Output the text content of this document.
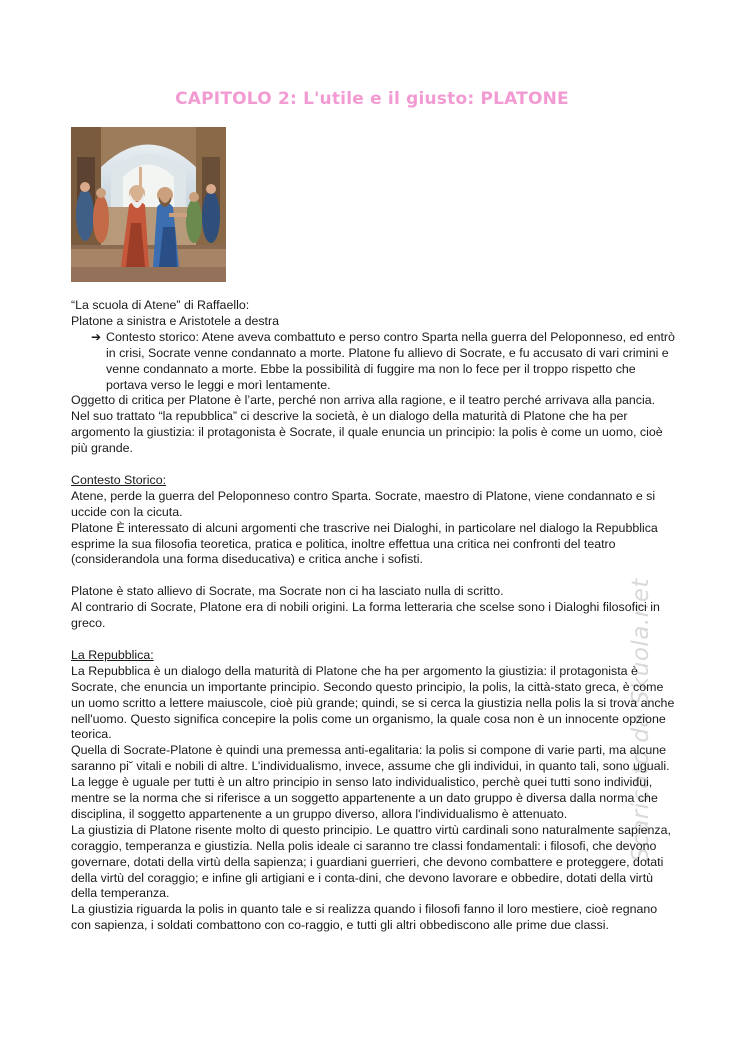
CAPITOLO 2: L'utile e il giusto: PLATONE
Scaricato da Skuola.net

“La scuola di Atene” di Raffaello:

Platone a sinistra e Aristotele a destra

➔ Contesto storico: Atene aveva combattuto e perso contro Sparta nella guerra del Peloponneso, ed entrò in crisi, Socrate venne condannato a morte. Platone fu allievo di Socrate, e fu accusato di vari crimini e venne condannato a morte. Ebbe la possibilità di fuggire ma non lo fece per il troppo rispetto che portava verso le leggi e morì lentamente.

Oggetto di critica per Platone è l’arte, perché non arriva alla ragione, e il teatro perché arrivava alla pancia.

Nel suo trattato “la repubblica” ci descrive la società, è un dialogo della maturità di Platone che ha per argomento la giustizia: il protagonista è Socrate, il quale enuncia un principio: la polis è come un uomo, cioè più grande.

Contesto Storico:

Atene, perde la guerra del Peloponneso contro Sparta. Socrate, maestro di Platone, viene condannato e si uccide con la cicuta.

Platone È interessato di alcuni argomenti che trascrive nei Dialoghi, in particolare nel dialogo la Repubblica esprime la sua filosofia teoretica, pratica e politica, inoltre effettua una critica nei confronti del teatro (considerandola una forma diseducativa) e critica anche i sofisti.

Platone è stato allievo di Socrate, ma Socrate non ci ha lasciato nulla di scritto.

Al contrario di Socrate, Platone era di nobili origini. La forma letteraria che scelse sono i Dialoghi filosofici in greco.

La Repubblica:

La Repubblica è un dialogo della maturità di Platone che ha per argomento la giustizia: il protagonista è Socrate, che enuncia un importante principio. Secondo questo principio, la polis, la città-stato greca, è come un uomo scritto a lettere maiuscole, cioè più grande; quindi, se si cerca la giustizia nella polis la si trova anche nell'uomo. Questo significa concepire la polis come un organismo, la quale cosa non è un innocente opzione teorica.

Quella di Socrate-Platone è quindi una premessa anti-egalitaria: la polis si compone di varie parti, ma alcune saranno pi˘ vitali e nobili di altre. L’individualismo, invece, assume che gli individui, in quanto tali, sono uguali. La legge è uguale per tutti è un altro principio in senso lato individualistico, perchè quei tutti sono individui, mentre se la norma che si riferisce a un soggetto appartenente a un dato gruppo è diversa dalla norma che disciplina, il soggetto appartenente a un gruppo diverso, allora l'individualismo è attenuato.

La giustizia di Platone risente molto di questo principio. Le quattro virtù cardinali sono naturalmente sapienza, coraggio, temperanza e giustizia. Nella polis ideale ci saranno tre classi fondamentali: i filosofi, che devono governare, dotati della virtù della sapienza; i guardiani guerrieri, che devono combattere e proteggere, dotati della virtù del coraggio; e infine gli artigiani e i conta-dini, che devono lavorare e obbedire, dotati della virtù della temperanza.

La giustizia riguarda la polis in quanto tale e si realizza quando i filosofi fanno il loro mestiere, cioè regnano con sapienza, i soldati combattono con co-raggio, e tutti gli altri obbediscono alle prime due classi.
